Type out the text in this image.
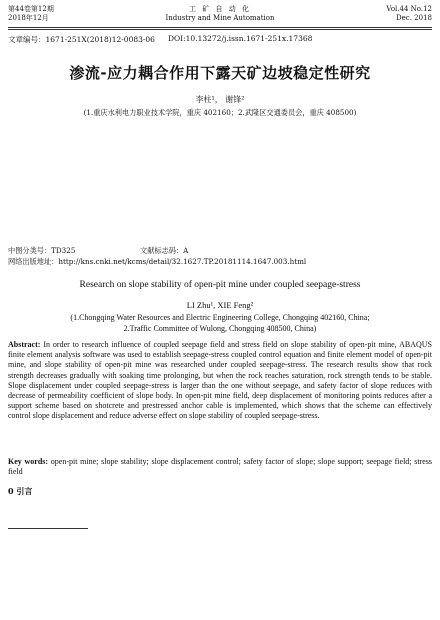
第44卷第12期
2018年12月
工 矿 自 动 化
Industry and Mine Automation
Vol.44 No.12
Dec. 2018
文章编号：1671-251X(2018)12-0083-06 DOI:10.13272/j.issn.1671-251x.17368
渗流-应力耦合作用下露天矿边坡稳定性研究
李柱¹， 谢锋²
(1.重庆水利电力职业技术学院，重庆 402160；2.武隆区交通委员会，重庆 408500)
中图分类号：TD325	文献标志码：A
网络出版地址：http://kns.cnki.net/kcms/detail/32.1627.TP.20181114.1647.003.html
Research on slope stability of open-pit mine under coupled seepage-stress
LI Zhu¹, XIE Feng²
(1.Chongqing Water Resources and Electric Engineering College, Chongqing 402160, China;
2.Traffic Committee of Wulong, Chongqing 408500, China)
Abstract: In order to research influence of coupled seepage field and stress field on slope stability of open-pit mine, ABAQUS finite element analysis software was used to establish seepage-stress coupled control equation and finite element model of open-pit mine, and slope stability of open-pit mine was researched under coupled seepage-stress. The research results show that rock strength decreases gradually with soaking time prolonging, but when the rock reaches saturation, rock strength tends to be stable. Slope displacement under coupled seepage-stress is larger than the one without seepage, and safety factor of slope reduces with decrease of permeability coefficient of slope body. In open-pit mine field, deep displacement of monitoring points reduces after a support scheme based on shotcrete and prestressed anchor cable is implemented, which shows that the scheme can effectively control slope displacement and reduce adverse effect on slope stability of coupled seepage-stress.
Key words: open-pit mine; slope stability; slope displacement control; safety factor of slope; slope support; seepage field; stress field
0 引言
